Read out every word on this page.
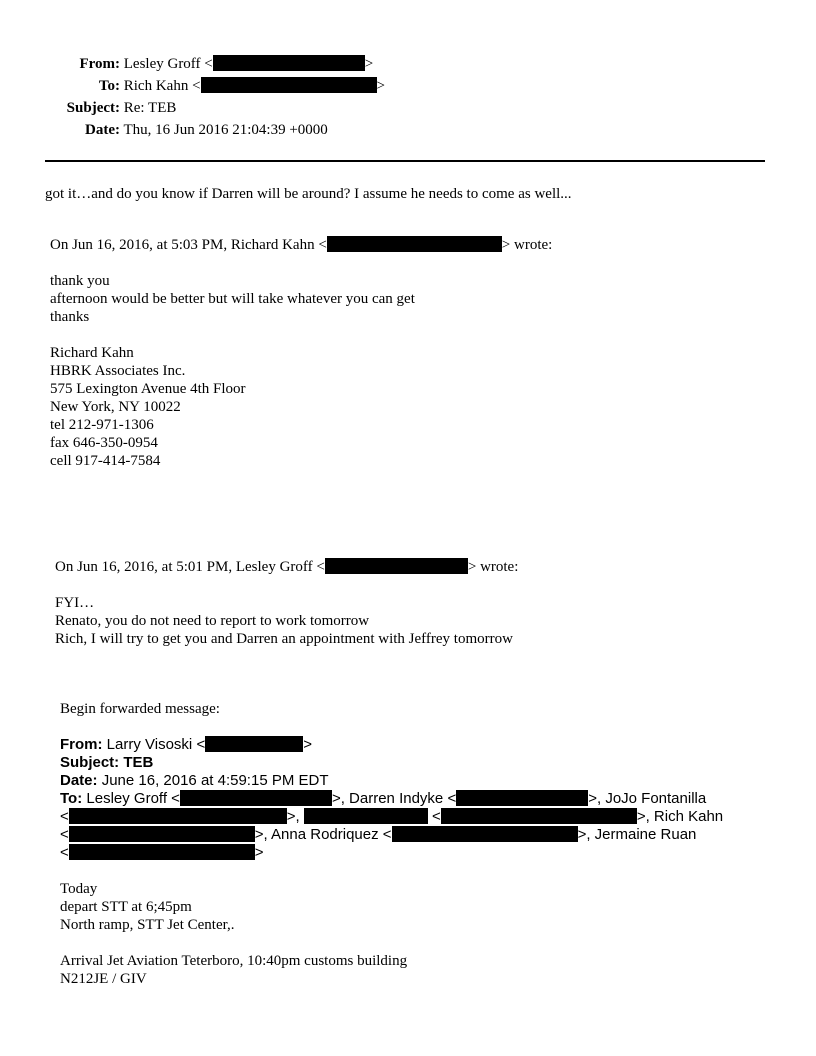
From: Lesley Groff <	>
To: Rich Kahn <	>
Subject: Re: TEB
Date: Thu, 16 Jun 2016 21:04:39 +0000
got it…and do you know if Darren will be around? I assume he needs to come as well...
On Jun 16, 2016, at 5:03 PM, Richard Kahn <	> wrote:
thank you
afternoon would be better but will take whatever you can get
thanks
Richard Kahn
HBRK Associates Inc.
575 Lexington Avenue 4th Floor
New York, NY 10022
tel 212-971-1306
fax 646-350-0954
cell 917-414-7584
On Jun 16, 2016, at 5:01 PM, Lesley Groff <	> wrote:
FYI…
Renato, you do not need to report to work tomorrow
Rich, I will try to get you and Darren an appointment with Jeffrey tomorrow
Begin forwarded message:
From: Larry Visoski <	>
Subject: TEB
Date: June 16, 2016 at 4:59:15 PM EDT
To: Lesley Groff <	>, Darren Indyke <	>, JoJo Fontanilla
<	>,	<	>, Rich Kahn
<	>, Anna Rodriquez <	>, Jermaine Ruan
<	>
Today
depart STT at 6;45pm
North ramp, STT Jet Center,.
Arrival Jet Aviation Teterboro, 10:40pm customs building
N212JE / GIV
